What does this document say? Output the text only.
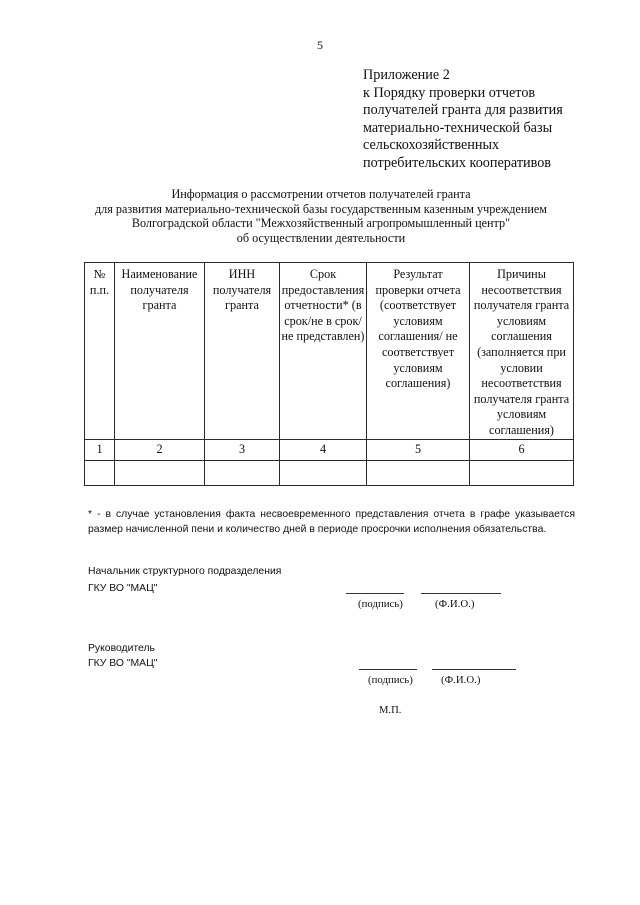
5
Приложение 2
к Порядку проверки отчетов
получателей гранта для развития
материально-технической базы
сельскохозяйственных
потребительских кооперативов
Информация о рассмотрении отчетов получателей гранта
для развития материально-технической базы государственным казенным учреждением
Волгоградской области "Межхозяйственный агропромышленный центр"
об осуществлении деятельности
№ п.п.	Наименование получателя гранта	ИНН получателя гранта	Срок предоставления отчетности* (в срок/не в срок/не представлен)	Результат проверки отчета (соответствует условиям соглашения/ не соответствует условиям соглашения)	Причины несоответствия получателя гранта условиям соглашения (заполняется при условии несоответствия получателя гранта условиям соглашения)
1	2	3	4	5	6

* - в случае установления факта несвоевременного представления отчета в графе указывается размер начисленной пени и количество дней в периоде просрочки исполнения обязательства.
Начальник структурного подразделения
ГКУ ВО "МАЦ"
(подпись)	(Ф.И.О.)
Руководитель
ГКУ ВО "МАЦ"
(подпись)	(Ф.И.О.)
М.П.
